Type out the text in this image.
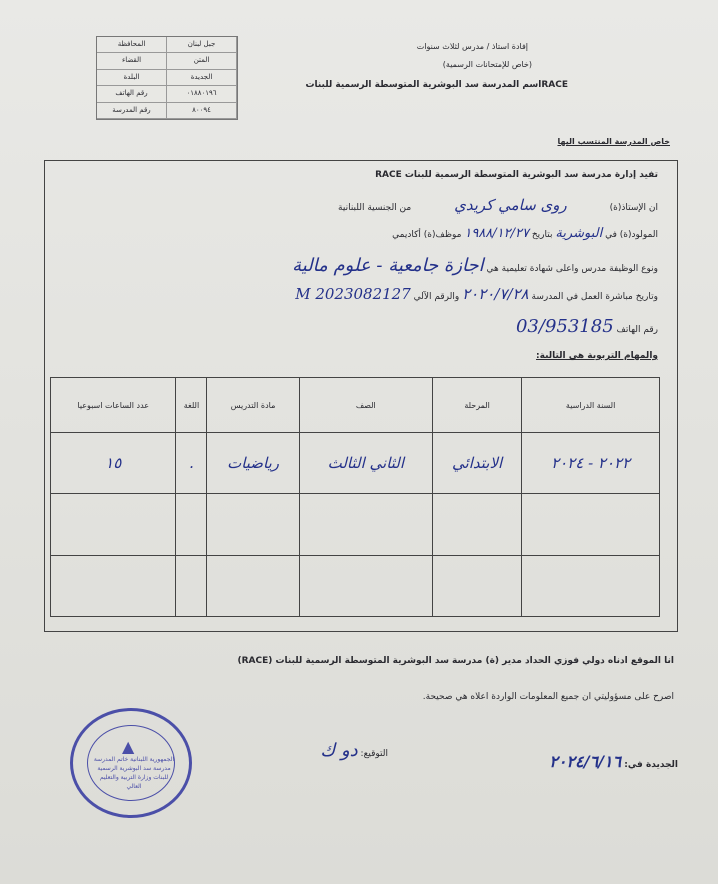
المحافظة	جبل لبنان
القضاء	المتن
البلدة	الجديدة
رقم الهاتف	٠١٨٨٠١٩٦
رقم المدرسة	٨٠٠٩٤
إفادة استاذ / مدرس لثلاث سنوات
(خاص للإمتحانات الرسمية)
RACEاسم المدرسة سد البوشرية المتوسطة الرسمية للبنات
خاص المدرسة المنتسب اليها
تفيد إدارة مدرسة سد البوشرية المتوسطة الرسمية للبنات RACE
ان الإستاذ(ة) روى سامي كريدي من الجنسية اللبنانية
المولود(ة) في البوشرية بتاريخ ١٩٨٨/١٢/٢٧ موظف(ة) أكاديمي
ونوع الوظيفة مدرس واعلى شهادة تعليمية هي اجازة جامعية - علوم مالية
وتاريخ مباشرة العمل في المدرسة ٢٠٢٠/٧/٢٨ والرقم الآلي M 2023082127
رقم الهاتف 03/953185
والمهام التربوية هي التالية:
السنة الدراسية	المرحلة	الصف	مادة التدريس	اللغة	عدد الساعات اسبوعيا
٢٠٢٢ - ٢٠٢٤	الابتدائي	الثاني الثالث	رياضيات	.	١٥

انا الموقع ادناه دولي فوزي الحداد مدير (ة) مدرسة سد البوشرية المتوسطة الرسمية للبنات (RACE)
اصرح على مسؤوليتي ان جميع المعلومات الواردة اعلاه هي صحيحة.
التوقيع: دو ك
الجديدة في: ٢٠٢٤/٦/١٦
▲
الجمهورية اللبنانية خاتم المدرسة مدرسة سد البوشرية الرسمية للبنات وزارة التربية والتعليم العالي
